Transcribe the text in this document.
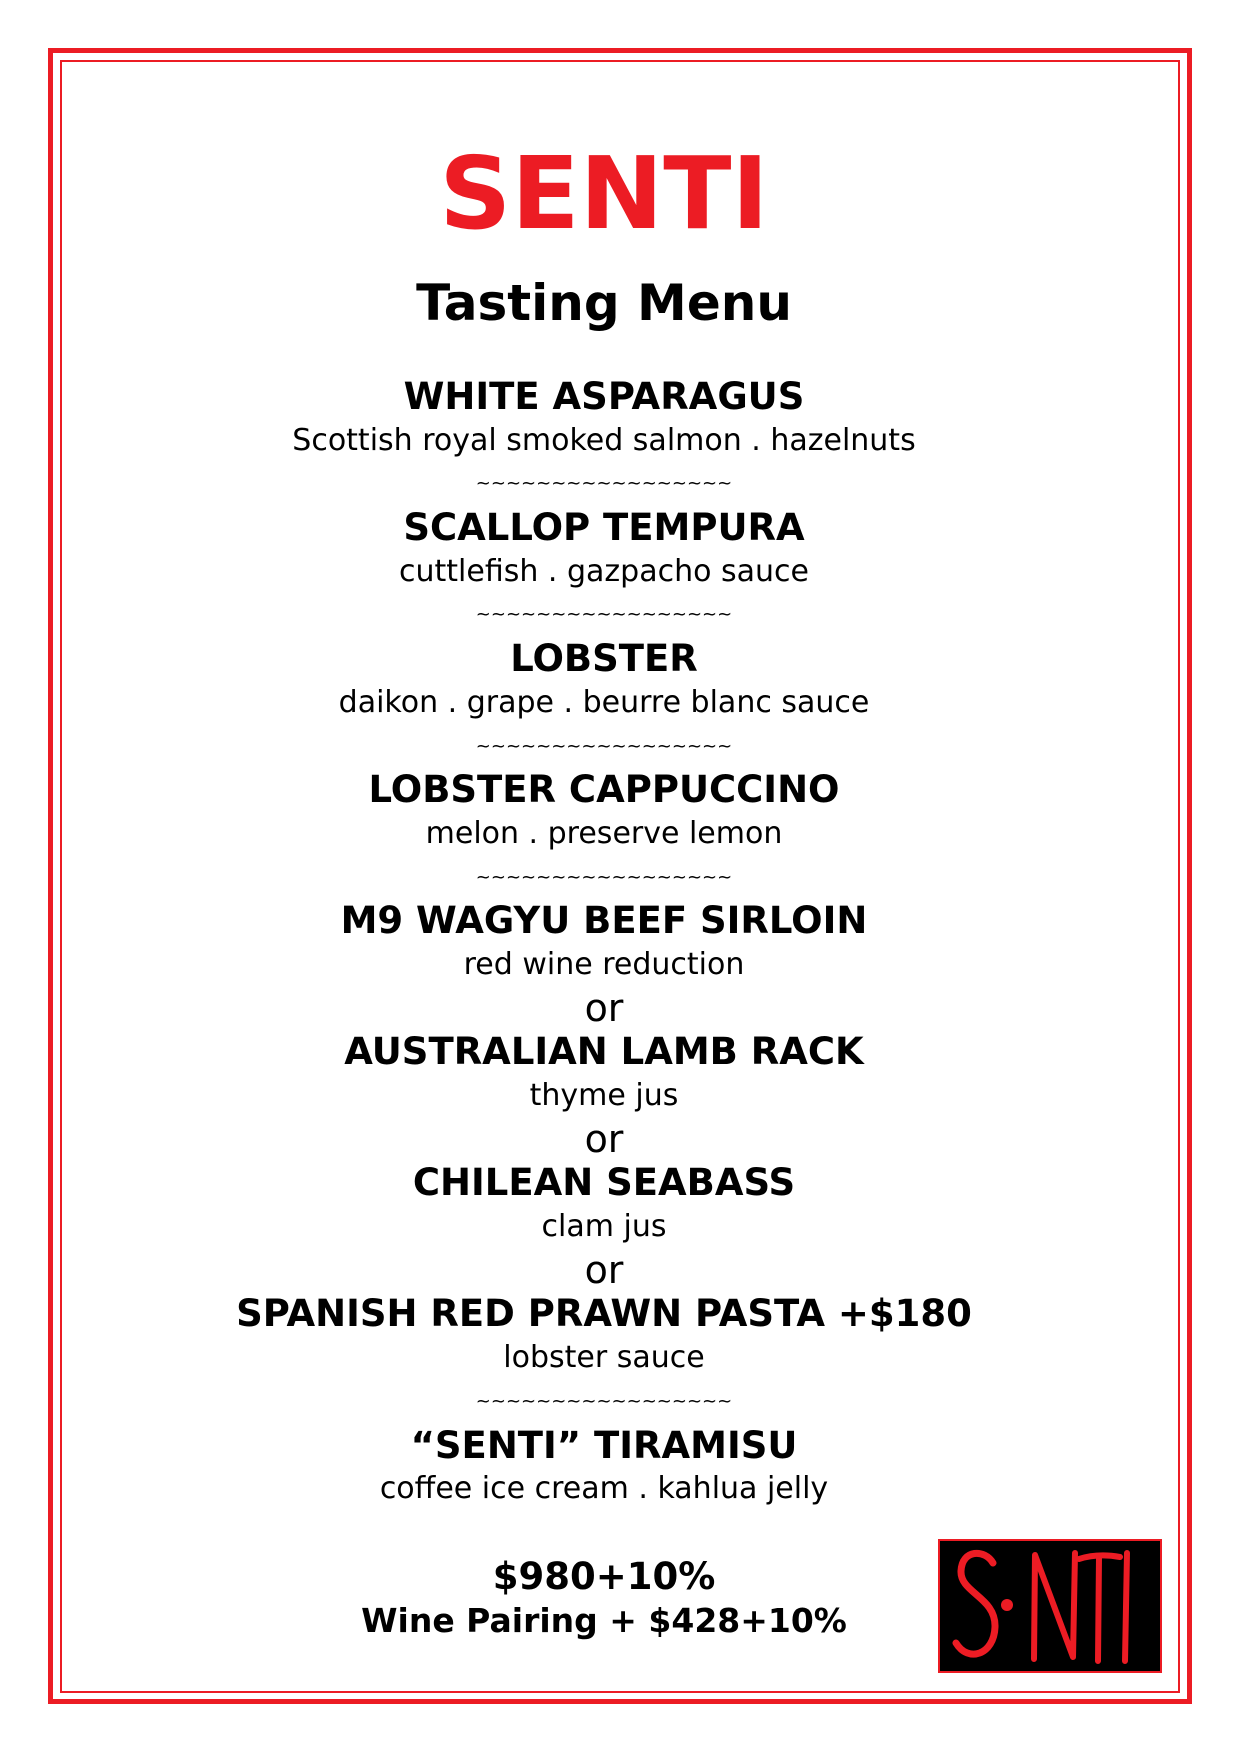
SENTI
Tasting Menu
WHITE ASPARAGUS
Scottish royal smoked salmon . hazelnuts
~~~~~~~~~~~~~~~~~
SCALLOP TEMPURA
cuttlefish . gazpacho sauce
~~~~~~~~~~~~~~~~~
LOBSTER
daikon . grape . beurre blanc sauce
~~~~~~~~~~~~~~~~~
LOBSTER CAPPUCCINO
melon . preserve lemon
~~~~~~~~~~~~~~~~~
M9 WAGYU BEEF SIRLOIN
red wine reduction
or
AUSTRALIAN LAMB RACK
thyme jus
or
CHILEAN SEABASS
clam jus
or
SPANISH RED PRAWN PASTA +$180
lobster sauce
~~~~~~~~~~~~~~~~~
“SENTI” TIRAMISU
coffee ice cream . kahlua jelly
$980+10%
Wine Pairing + $428+10%
